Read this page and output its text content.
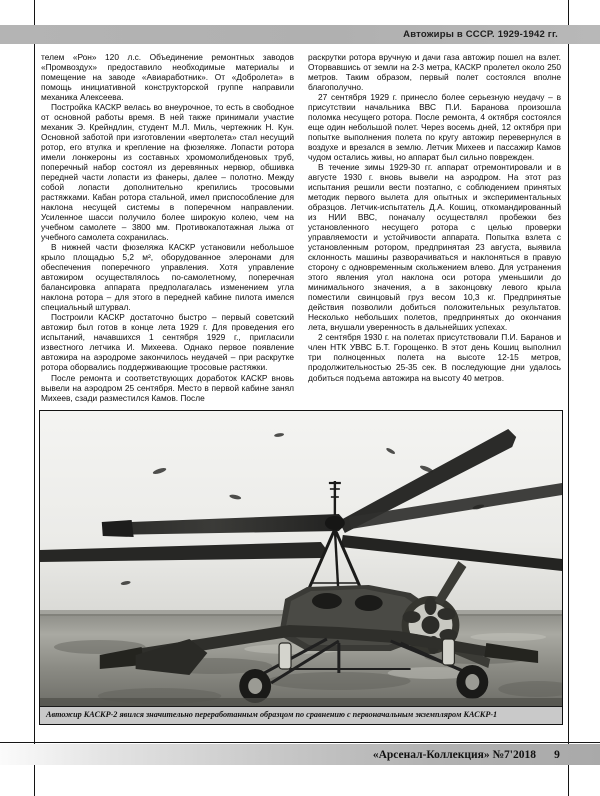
Автожиры в СССР. 1929-1942 гг.

телем «Рон» 120 л.с. Объединение ремонтных заводов «Промвоздух» предоставило необходимые материалы и помещение на заводе «Авиаработник». От «Добролета» в помощь инициативной конструкторской группе направили механика Алексеева.

Постройка КАСКР велась во внеурочное, то есть в свободное от основной работы время. В ней также принимали участие механик Э. Крейндлин, студент М.Л. Миль, чертежник Н. Кун. Основной заботой при изготовлении «вертолета» стал несущий ротор, его втулка и крепление на фюзеляже. Лопасти ротора имели лонжероны из составных хромомолибденовых труб, поперечный набор состоял из деревянных нервюр, обшивка передней части лопасти из фанеры, далее – полотно. Между собой лопасти дополнительно крепились тросовыми растяжками. Кабан ротора стальной, имел приспособление для наклона несущей системы в поперечном направлении. Усиленное шасси получило более широкую колею, чем на учебном самолете – 3800 мм. Противокапотажная лыжа от учебного самолета сохранилась.

В нижней части фюзеляжа КАСКР установили небольшое крыло площадью 5,2 м², оборудованное элеронами для обеспечения поперечного управления. Хотя управление автожиром осуществлялось по-самолетному, поперечная балансировка аппарата предполагалась изменением угла наклона ротора – для этого в передней кабине пилота имелся специальный штурвал.

Построили КАСКР достаточно быстро – первый советский автожир был готов в конце лета 1929 г. Для проведения его испытаний, начавшихся 1 сентября 1929 г., пригласили известного летчика И. Михеева. Однако первое появление автожира на аэродроме закончилось неудачей – при раскрутке ротора оборвались поддерживающие тросовые растяжки.

После ремонта и соответствующих доработок КАСКР вновь вывели на аэродром 25 сентября. Место в первой кабине занял Михеев, сзади разместился Камов. После

раскрутки ротора вручную и дачи газа автожир пошел на взлет. Оторвавшись от земли на 2-3 метра, КАСКР пролетел около 250 метров. Таким образом, первый полет состоялся вполне благополучно.

27 сентября 1929 г. принесло более серьезную неудачу – в присутствии начальника ВВС П.И. Баранова произошла поломка несущего ротора. После ремонта, 4 октября состоялся еще один небольшой полет. Через восемь дней, 12 октября при попытке выполнения полета по кругу автожир перевернулся в воздухе и врезался в землю. Летчик Михеев и пассажир Камов чудом остались живы, но аппарат был сильно поврежден.

В течение зимы 1929-30 гг. аппарат отремонтировали и в августе 1930 г. вновь вывели на аэродром. На этот раз испытания решили вести поэтапно, с соблюдением принятых методик первого вылета для опытных и экспериментальных образцов. Летчик-испытатель Д.А. Кошиц, откомандированный из НИИ ВВС, поначалу осуществлял пробежки без установленного несущего ротора с целью проверки управляемости и устойчивости аппарата. Попытка взлета с установленным ротором, предпринятая 23 августа, выявила склонность машины разворачиваться и наклоняться в правую сторону с одновременным скольжением влево. Для устранения этого явления угол наклона оси ротора уменьшили до минимального значения, а в законцовку левого крыла поместили свинцовый груз весом 10,3 кг. Предпринятые действия позволили добиться положительных результатов. Несколько небольших полетов, предпринятых до окончания лета, внушали уверенность в дальнейших успехах.

2 сентября 1930 г. на полетах присутствовали П.И. Баранов и член НТК УВВС Б.Т. Горощенко. В этот день Кошиц выполнил три полноценных полета на высоте 12-15 метров, продолжительностью 25-35 сек. В последующие дни удалось добиться подъема автожира на высоту 40 метров.

Автожир КАСКР-2 явился значительно переработанным образцом по сравнению с первоначальным экземпляром КАСКР-1
«Арсенал-Коллекция» №7'2018 9
